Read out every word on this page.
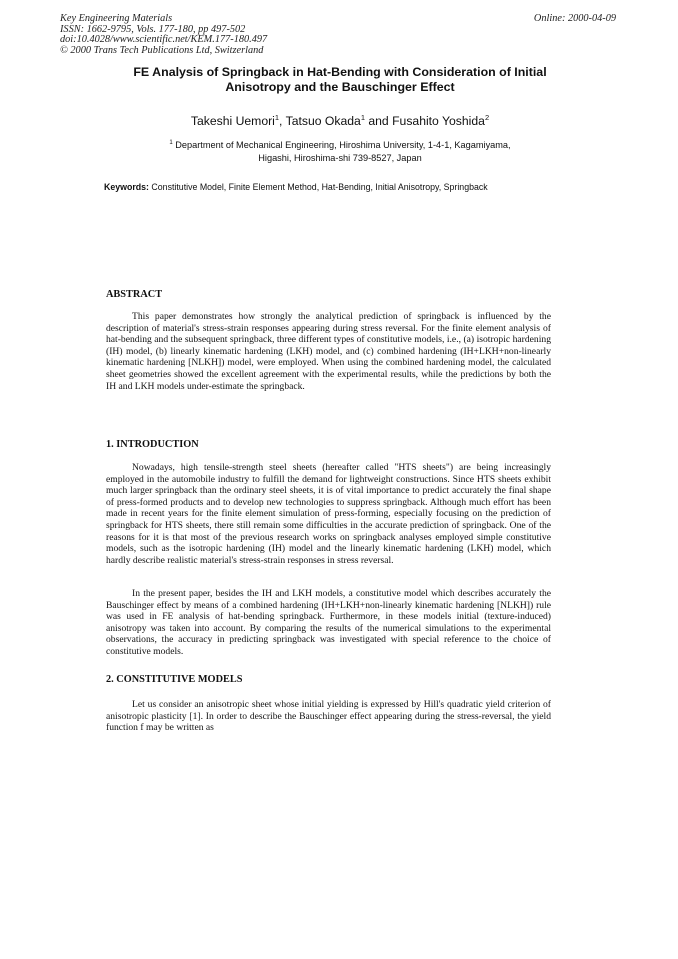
Key Engineering Materials
ISSN: 1662-9795, Vols. 177-180, pp 497-502
doi:10.4028/www.scientific.net/KEM.177-180.497
© 2000 Trans Tech Publications Ltd, Switzerland
Online: 2000-04-09
FE Analysis of Springback in Hat-Bending with Consideration of Initial
Anisotropy and the Bauschinger Effect
Takeshi Uemori$^1$, Tatsuo Okada$^1$ and Fusahito Yoshida$^2$
$^1$ Department of Mechanical Engineering, Hiroshima University, 1-4-1, Kagamiyama,
Higashi, Hiroshima-shi 739-8527, Japan
Keywords: Constitutive Model, Finite Element Method, Hat-Bending, Initial Anisotropy, Springback
ABSTRACT
This paper demonstrates how strongly the analytical prediction of springback is influenced by the description of material's stress-strain responses appearing during stress reversal. For the finite element analysis of hat-bending and the subsequent springback, three different types of constitutive models, i.e., (a) isotropic hardening (IH) model, (b) linearly kinematic hardening (LKH) model, and (c) combined hardening (IH+LKH+non-linearly kinematic hardening [NLKH]) model, were employed. When using the combined hardening model, the calculated sheet geometries showed the excellent agreement with the experimental results, while the predictions by both the IH and LKH models under-estimate the springback.
1. INTRODUCTION
Nowadays, high tensile-strength steel sheets (hereafter called "HTS sheets") are being increasingly employed in the automobile industry to fulfill the demand for lightweight constructions. Since HTS sheets exhibit much larger springback than the ordinary steel sheets, it is of vital importance to predict accurately the final shape of press-formed products and to develop new technologies to suppress springback. Although much effort has been made in recent years for the finite element simulation of press-forming, especially focusing on the prediction of springback for HTS sheets, there still remain some difficulties in the accurate prediction of springback. One of the reasons for it is that most of the previous research works on springback analyses employed simple constitutive models, such as the isotropic hardening (IH) model and the linearly kinematic hardening (LKH) model, which hardly describe realistic material's stress-strain responses in stress reversal.
In the present paper, besides the IH and LKH models, a constitutive model which describes accurately the Bauschinger effect by means of a combined hardening (IH+LKH+non-linearly kinematic hardening [NLKH]) rule was used in FE analysis of hat-bending springback. Furthermore, in these models initial (texture-induced) anisotropy was taken into account. By comparing the results of the numerical simulations to the experimental observations, the accuracy in predicting springback was investigated with special reference to the choice of constitutive models.
2. CONSTITUTIVE MODELS
Let us consider an anisotropic sheet whose initial yielding is expressed by Hill's quadratic yield criterion of anisotropic plasticity [1]. In order to describe the Bauschinger effect appearing during the stress-reversal, the yield function f may be written as
